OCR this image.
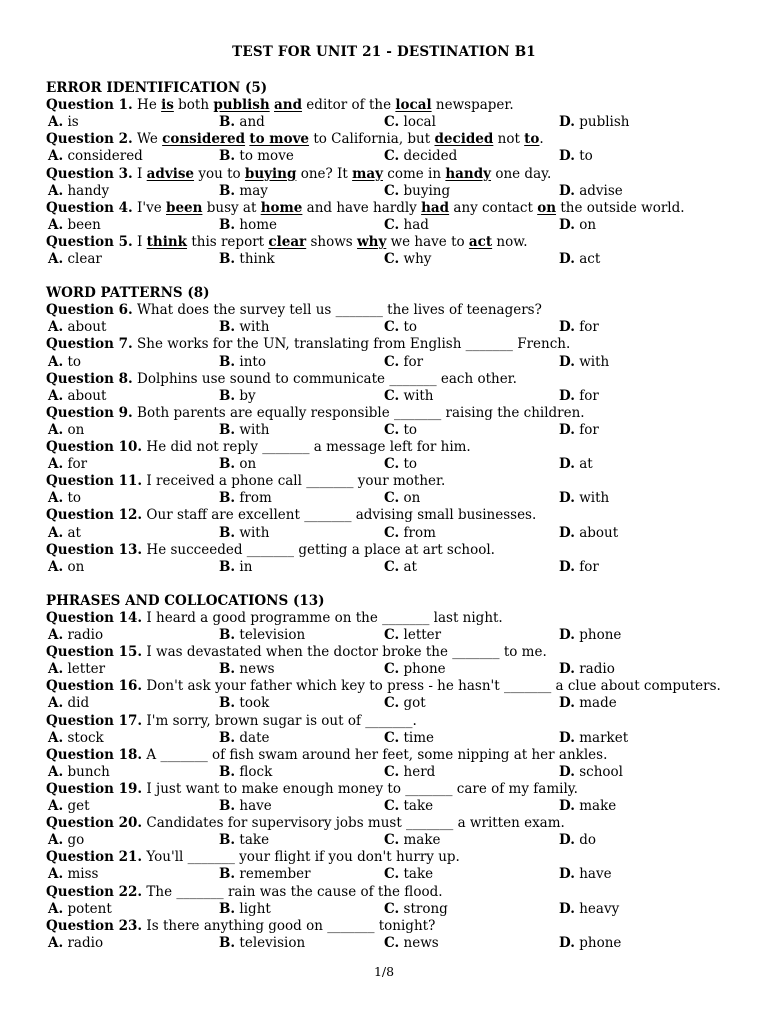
TEST FOR UNIT 21 - DESTINATION B1
ERROR IDENTIFICATION (5)
Question 1. He is both publish and editor of the local newspaper.
A. is	B. and	C. local	D. publish
Question 2. We considered to move to California, but decided not to.
A. considered	B. to move	C. decided	D. to
Question 3. I advise you to buying one? It may come in handy one day.
A. handy	B. may	C. buying	D. advise
Question 4. I've been busy at home and have hardly had any contact on the outside world.
A. been	B. home	C. had	D. on
Question 5. I think this report clear shows why we have to act now.
A. clear	B. think	C. why	D. act
WORD PATTERNS (8)
Question 6. What does the survey tell us _______ the lives of teenagers?
A. about	B. with	C. to	D. for
Question 7. She works for the UN, translating from English _______ French.
A. to	B. into	C. for	D. with
Question 8. Dolphins use sound to communicate _______ each other.
A. about	B. by	C. with	D. for
Question 9. Both parents are equally responsible _______ raising the children.
A. on	B. with	C. to	D. for
Question 10. He did not reply _______ a message left for him.
A. for	B. on	C. to	D. at
Question 11. I received a phone call _______ your mother.
A. to	B. from	C. on	D. with
Question 12. Our staff are excellent _______ advising small businesses.
A. at	B. with	C. from	D. about
Question 13. He succeeded _______ getting a place at art school.
A. on	B. in	C. at	D. for
PHRASES AND COLLOCATIONS (13)
Question 14. I heard a good programme on the _______ last night.
A. radio	B. television	C. letter	D. phone
Question 15. I was devastated when the doctor broke the _______ to me.
A. letter	B. news	C. phone	D. radio
Question 16. Don't ask your father which key to press - he hasn't _______ a clue about computers.
A. did	B. took	C. got	D. made
Question 17. I'm sorry, brown sugar is out of _______.
A. stock	B. date	C. time	D. market
Question 18. A _______ of fish swam around her feet, some nipping at her ankles.
A. bunch	B. flock	C. herd	D. school
Question 19. I just want to make enough money to _______ care of my family.
A. get	B. have	C. take	D. make
Question 20. Candidates for supervisory jobs must _______ a written exam.
A. go	B. take	C. make	D. do
Question 21. You'll _______ your flight if you don't hurry up.
A. miss	B. remember	C. take	D. have
Question 22. The _______ rain was the cause of the flood.
A. potent	B. light	C. strong	D. heavy
Question 23. Is there anything good on _______ tonight?
A. radio	B. television	C. news	D. phone
1/8
